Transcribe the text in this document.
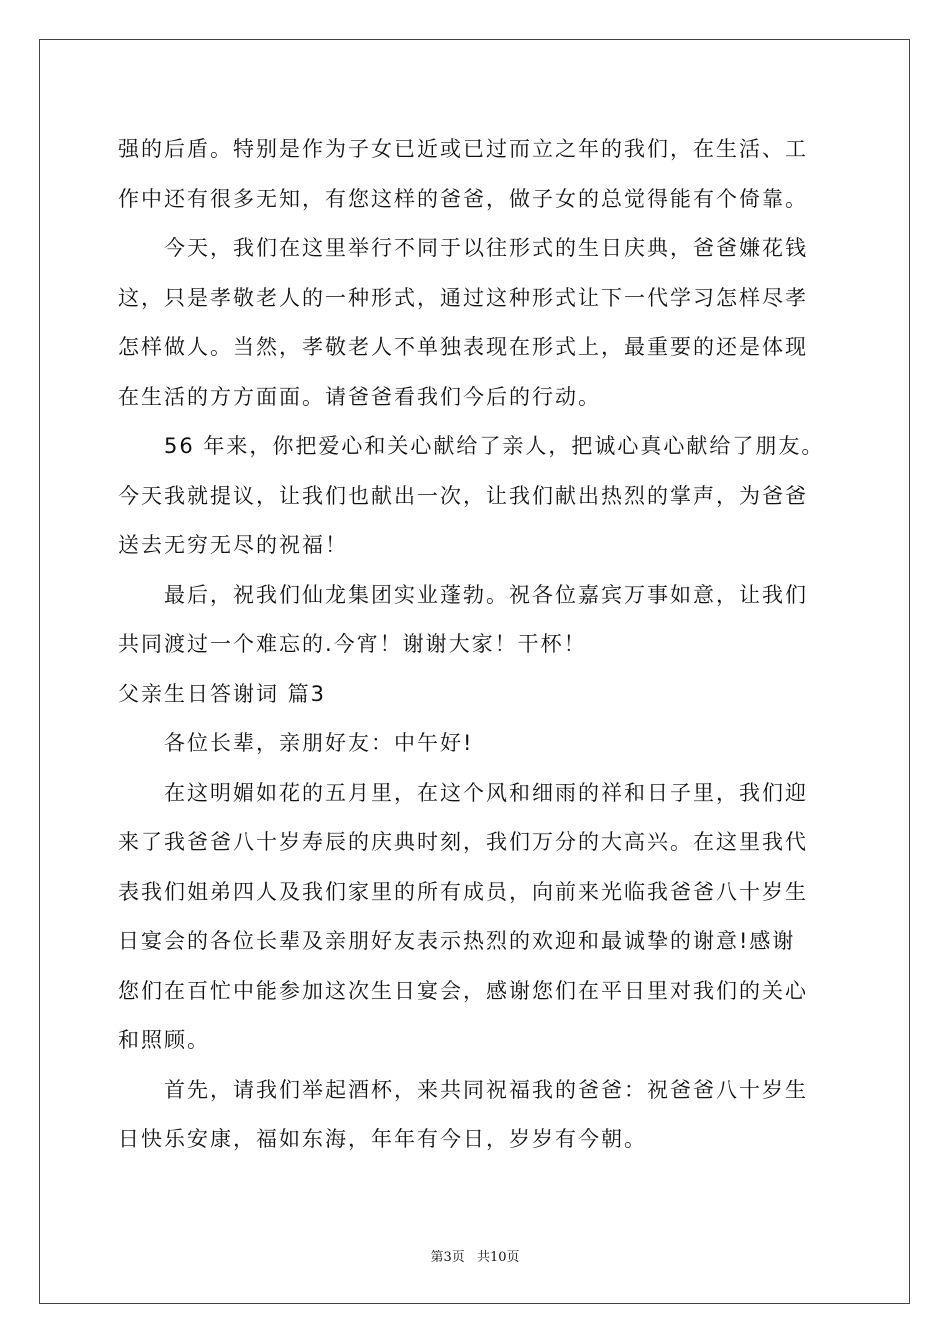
强的后盾。特别是作为子女已近或已过而立之年的我们，在生活、工
作中还有很多无知，有您这样的爸爸，做子女的总觉得能有个倚靠。
今天，我们在这里举行不同于以往形式的生日庆典，爸爸嫌花钱
这，只是孝敬老人的一种形式，通过这种形式让下一代学习怎样尽孝
怎样做人。当然，孝敬老人不单独表现在形式上，最重要的还是体现
在生活的方方面面。请爸爸看我们今后的行动。
56 年来，你把爱心和关心献给了亲人，把诚心真心献给了朋友。
今天我就提议，让我们也献出一次，让我们献出热烈的掌声，为爸爸
送去无穷无尽的祝福！
最后，祝我们仙龙集团实业蓬勃。祝各位嘉宾万事如意，让我们
共同渡过一个难忘的.今宵！谢谢大家！干杯！
父亲生日答谢词 篇3
各位长辈，亲朋好友：中午好!
在这明媚如花的五月里，在这个风和细雨的祥和日子里，我们迎
来了我爸爸八十岁寿辰的庆典时刻，我们万分的大高兴。在这里我代
表我们姐弟四人及我们家里的所有成员，向前来光临我爸爸八十岁生
日宴会的各位长辈及亲朋好友表示热烈的欢迎和最诚挚的谢意!感谢
您们在百忙中能参加这次生日宴会，感谢您们在平日里对我们的关心
和照顾。
首先，请我们举起酒杯，来共同祝福我的爸爸：祝爸爸八十岁生
日快乐安康，福如东海，年年有今日，岁岁有今朝。
第3页 共10页
